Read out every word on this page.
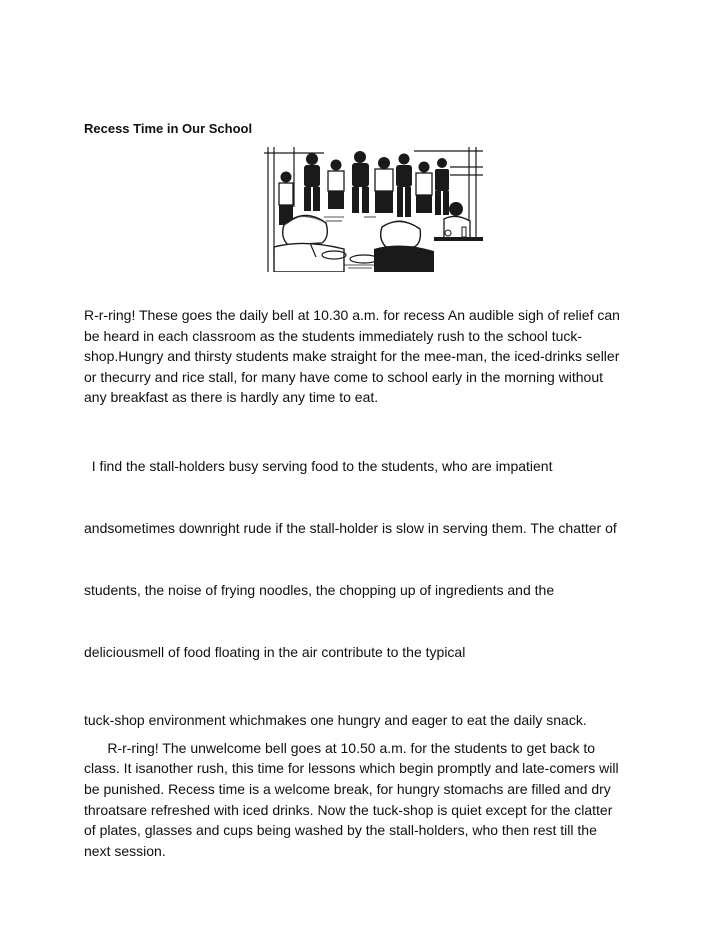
Recess Time in Our School

R-r-ring! These goes the daily bell at 10.30 a.m. for recess An audible sigh of relief can
be heard in each classroom as the students immediately rush to the school tuck-
shop.Hungry and thirsty students make straight for the mee-man, the iced-drinks seller
or thecurry and rice stall, for many have come to school early in the morning without
any breakfast as there is hardly any time to eat.

I find the stall-holders busy serving food to the students, who are impatient

andsometimes downright rude if the stall-holder is slow in serving them. The chatter of

students, the noise of frying noodles, the chopping up of ingredients and the

deliciousmell of food floating in the air contribute to the typical

tuck-shop environment whichmakes one hungry and eager to eat the daily snack.

R-r-ring! The unwelcome bell goes at 10.50 a.m. for the students to get back to
class. It isanother rush, this time for lessons which begin promptly and late-comers will
be punished. Recess time is a welcome break, for hungry stomachs are filled and dry
throatsare refreshed with iced drinks. Now the tuck-shop is quiet except for the clatter
of plates, glasses and cups being washed by the stall-holders, who then rest till the
next session.
